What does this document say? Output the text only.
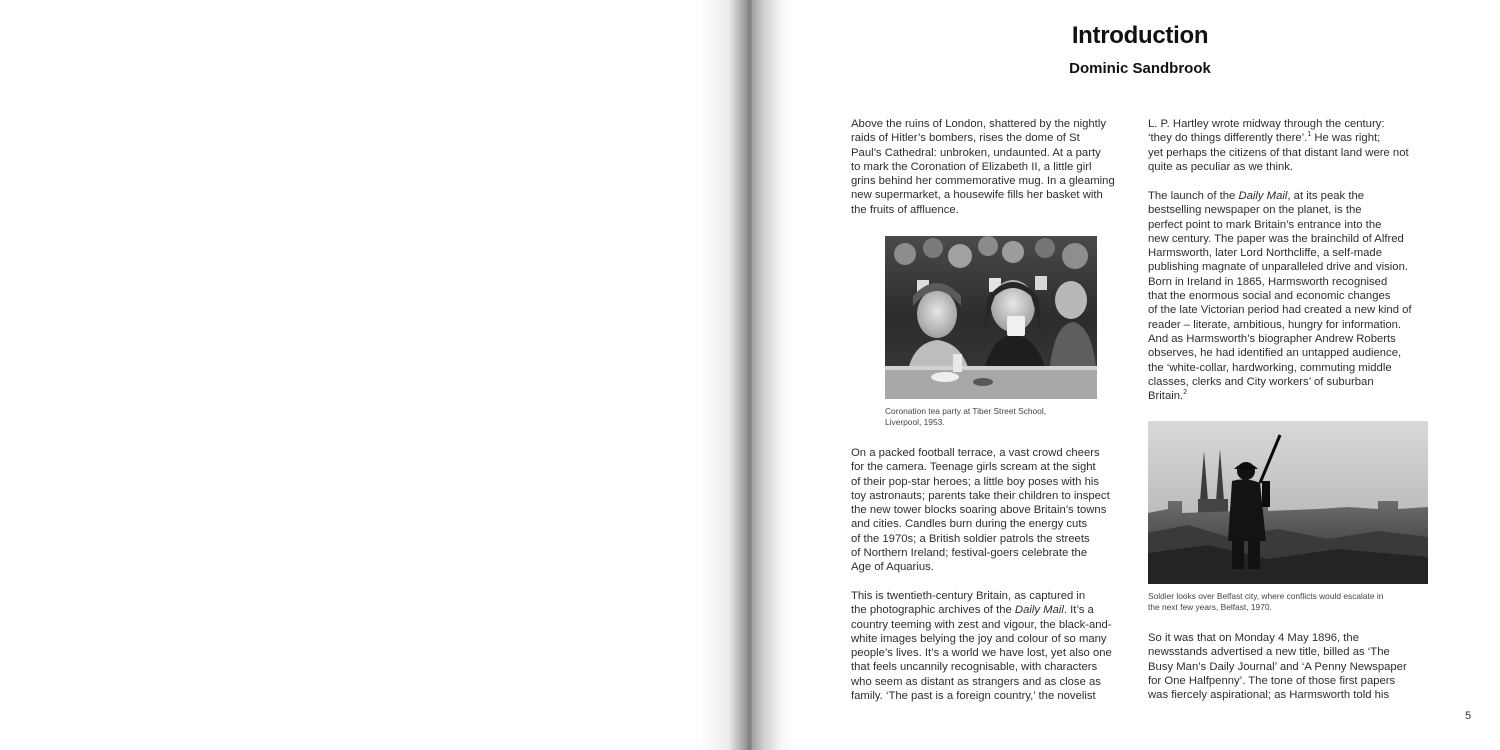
Introduction
Dominic Sandbrook
Above the ruins of London, shattered by the nightly
raids of Hitler’s bombers, rises the dome of St
Paul’s Cathedral: unbroken, undaunted. At a party
to mark the Coronation of Elizabeth II, a little girl
grins behind her commemorative mug. In a gleaming
new supermarket, a housewife fills her basket with
the fruits of affluence.
Coronation tea party at Tiber Street School,
Liverpool, 1953.
On a packed football terrace, a vast crowd cheers
for the camera. Teenage girls scream at the sight
of their pop-star heroes; a little boy poses with his
toy astronauts; parents take their children to inspect
the new tower blocks soaring above Britain’s towns
and cities. Candles burn during the energy cuts
of the 1970s; a British soldier patrols the streets
of Northern Ireland; festival-goers celebrate the
Age of Aquarius.
This is twentieth-century Britain, as captured in
the photographic archives of the Daily Mail. It’s a
country teeming with zest and vigour, the black-and-
white images belying the joy and colour of so many
people’s lives. It’s a world we have lost, yet also one
that feels uncannily recognisable, with characters
who seem as distant as strangers and as close as
family. ‘The past is a foreign country,’ the novelist
L. P. Hartley wrote midway through the century:
‘they do things differently there’.$^1$ He was right;
yet perhaps the citizens of that distant land were not
quite as peculiar as we think.
The launch of the Daily Mail, at its peak the
bestselling newspaper on the planet, is the
perfect point to mark Britain’s entrance into the
new century. The paper was the brainchild of Alfred
Harmsworth, later Lord Northcliffe, a self-made
publishing magnate of unparalleled drive and vision.
Born in Ireland in 1865, Harmsworth recognised
that the enormous social and economic changes
of the late Victorian period had created a new kind of
reader – literate, ambitious, hungry for information.
And as Harmsworth’s biographer Andrew Roberts
observes, he had identified an untapped audience,
the ‘white-collar, hardworking, commuting middle
classes, clerks and City workers’ of suburban
Britain.$^2$
Soldier looks over Belfast city, where conflicts would escalate in
the next few years, Belfast, 1970.
So it was that on Monday 4 May 1896, the
newsstands advertised a new title, billed as ‘The
Busy Man’s Daily Journal’ and ‘A Penny Newspaper
for One Halfpenny’. The tone of those first papers
was fiercely aspirational; as Harmsworth told his
5
